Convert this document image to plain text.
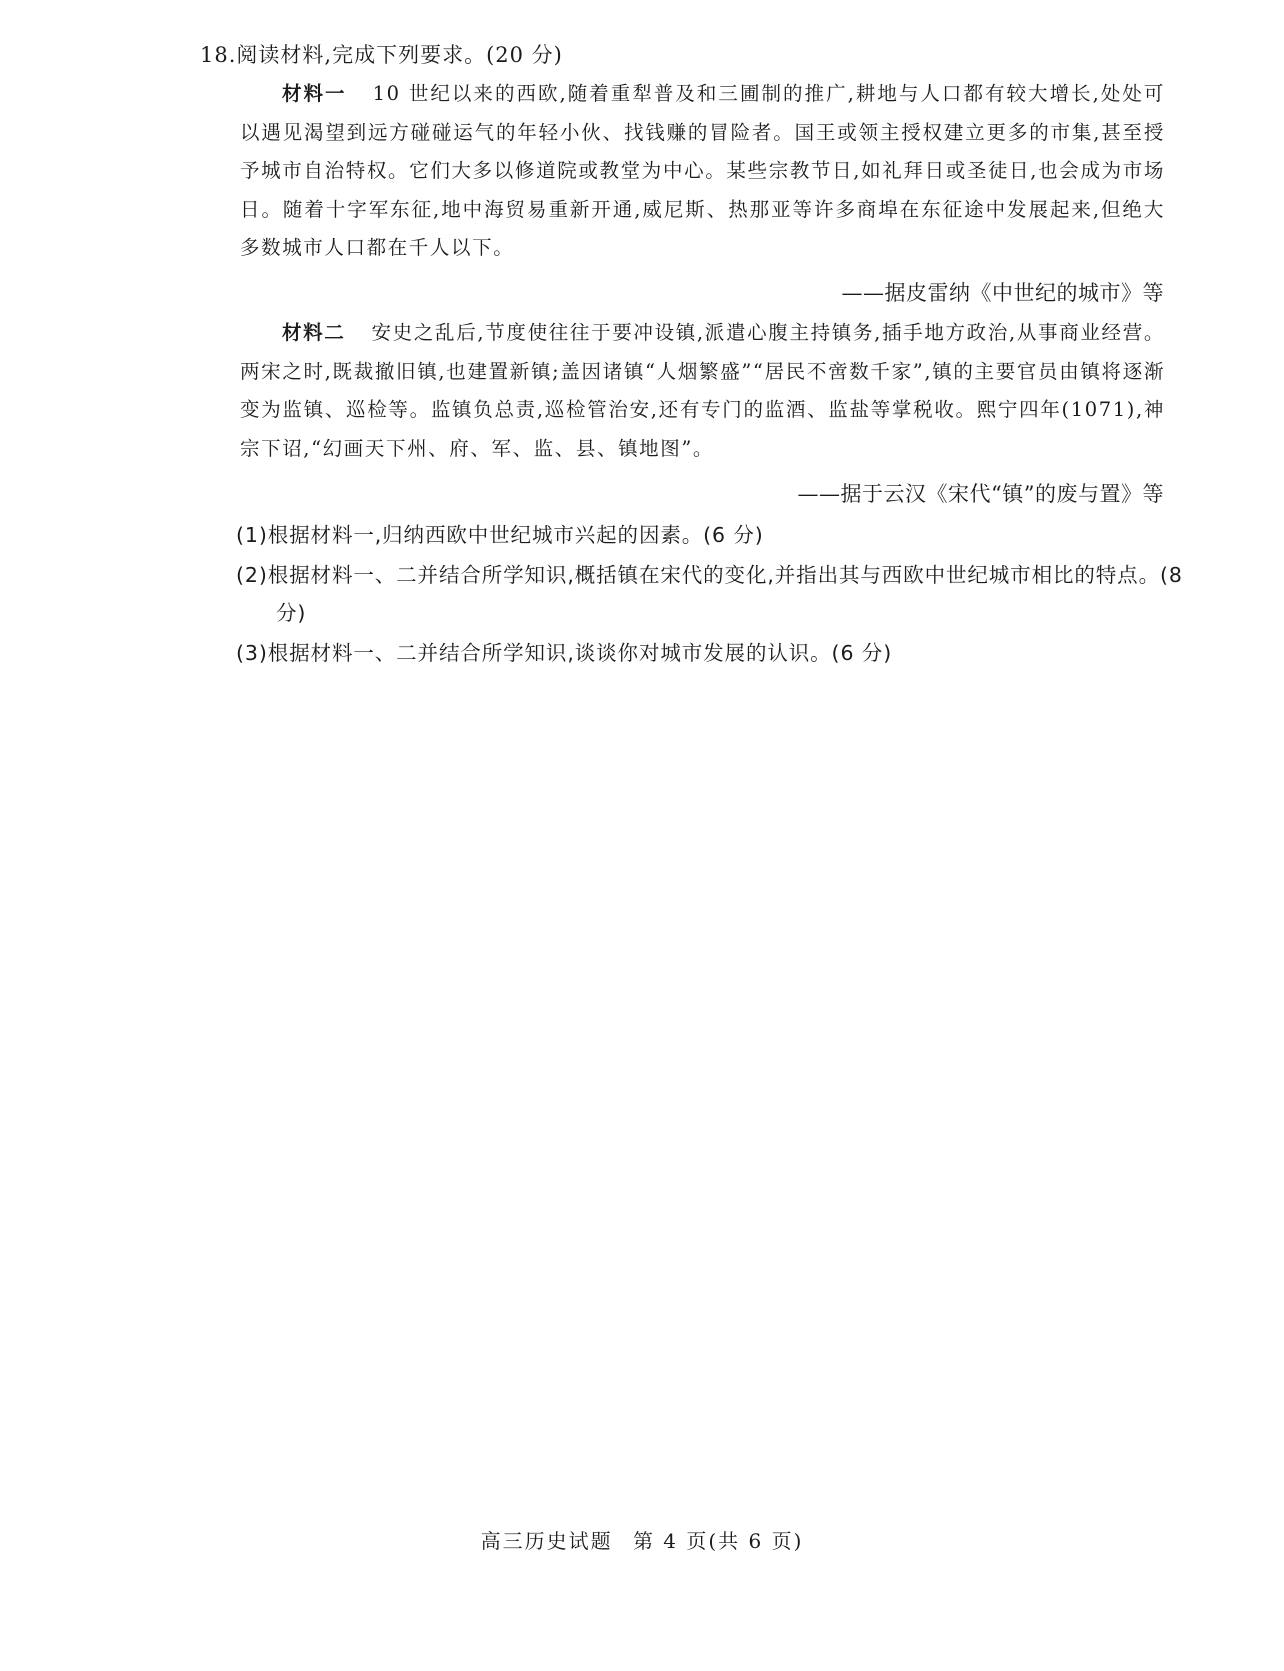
18.阅读材料,完成下列要求。(20 分)
材料一 10 世纪以来的西欧,随着重犁普及和三圃制的推广,耕地与人口都有较大增长,处处可以遇见渴望到远方碰碰运气的年轻小伙、找钱赚的冒险者。国王或领主授权建立更多的市集,甚至授予城市自治特权。它们大多以修道院或教堂为中心。某些宗教节日,如礼拜日或圣徒日,也会成为市场日。随着十字军东征,地中海贸易重新开通,威尼斯、热那亚等许多商埠在东征途中发展起来,但绝大多数城市人口都在千人以下。
——据皮雷纳《中世纪的城市》等
材料二 安史之乱后,节度使往往于要冲设镇,派遣心腹主持镇务,插手地方政治,从事商业经营。两宋之时,既裁撤旧镇,也建置新镇;盖因诸镇“人烟繁盛”“居民不啻数千家”,镇的主要官员由镇将逐渐变为监镇、巡检等。监镇负总责,巡检管治安,还有专门的监酒、监盐等掌税收。熙宁四年(1071),神宗下诏,“幻画天下州、府、军、监、县、镇地图”。
——据于云汉《宋代“镇”的废与置》等
(1)根据材料一,归纳西欧中世纪城市兴起的因素。(6 分)
(2)根据材料一、二并结合所学知识,概括镇在宋代的变化,并指出其与西欧中世纪城市相比的特点。(8 分)
(3)根据材料一、二并结合所学知识,谈谈你对城市发展的认识。(6 分)
高三历史试题 第 4 页(共 6 页)
